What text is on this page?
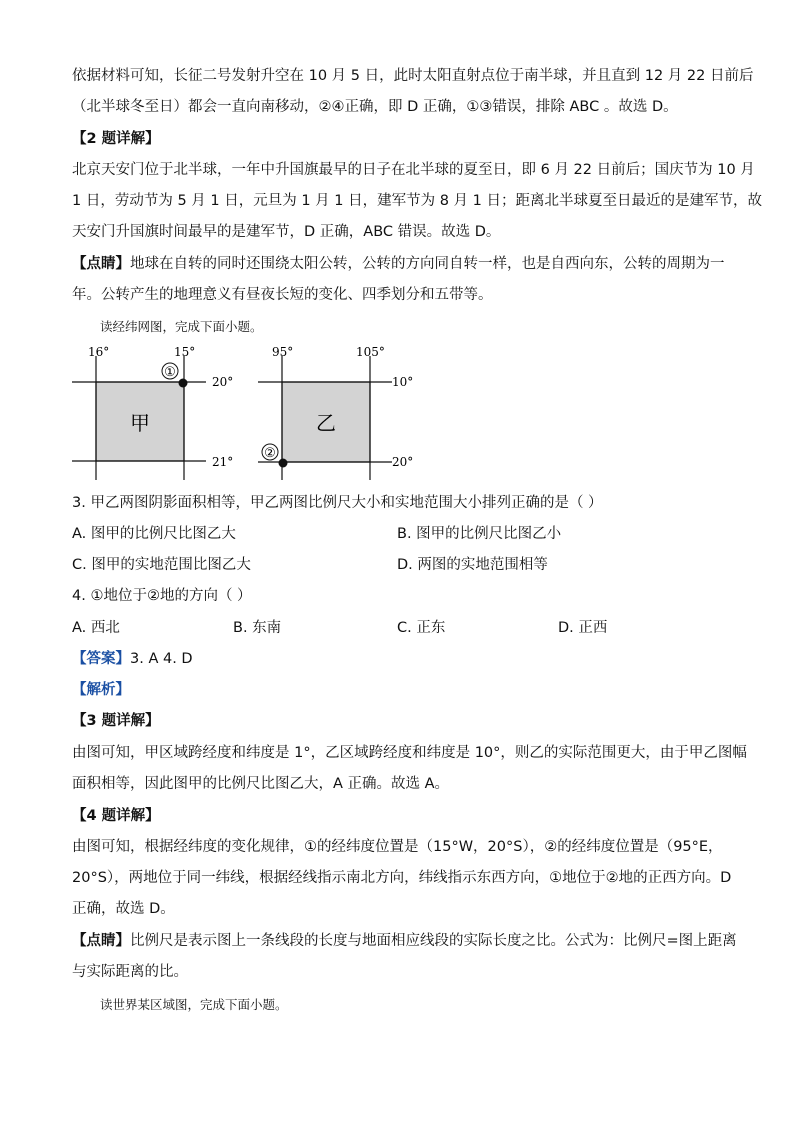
依据材料可知，长征二号发射升空在 10 月 5 日，此时太阳直射点位于南半球，并且直到 12 月 22 日前后
（北半球冬至日）都会一直向南移动，②④正确，即 D 正确，①③错误，排除 ABC 。故选 D。
【2 题详解】
北京天安门位于北半球，一年中升国旗最早的日子在北半球的夏至日，即 6 月 22 日前后；国庆节为 10 月
1 日，劳动节为 5 月 1 日，元旦为 1 月 1 日，建军节为 8 月 1 日；距离北半球夏至日最近的是建军节，故
天安门升国旗时间最早的是建军节，D 正确，ABC 错误。故选 D。
【点睛】地球在自转的同时还围绕太阳公转，公转的方向同自转一样，也是自西向东，公转的周期为一
年。公转产生的地理意义有昼夜长短的变化、四季划分和五带等。
读经纬网图，完成下面小题。
①
16°	15°
20°
21°
甲
②
95°	105°
10°
20°
乙
3. 甲乙两图阴影面积相等，甲乙两图比例尺大小和实地范围大小排列正确的是（ ）
A. 图甲的比例尺比图乙大	B. 图甲的比例尺比图乙小
C. 图甲的实地范围比图乙大	D. 两图的实地范围相等
4. ①地位于②地的方向（ ）
A. 西北	B. 东南	C. 正东	D. 正西
【答案】3. A 4. D
【解析】
【3 题详解】
由图可知，甲区域跨经度和纬度是 1°，乙区域跨经度和纬度是 10°，则乙的实际范围更大，由于甲乙图幅
面积相等，因此图甲的比例尺比图乙大，A 正确。故选 A。
【4 题详解】
由图可知，根据经纬度的变化规律，①的经纬度位置是（15°W，20°S），②的经纬度位置是（95°E，
20°S），两地位于同一纬线，根据经线指示南北方向，纬线指示东西方向，①地位于②地的正西方向。D
正确，故选 D。
【点睛】比例尺是表示图上一条线段的长度与地面相应线段的实际长度之比。公式为：比例尺=图上距离
与实际距离的比。
读世界某区域图，完成下面小题。
